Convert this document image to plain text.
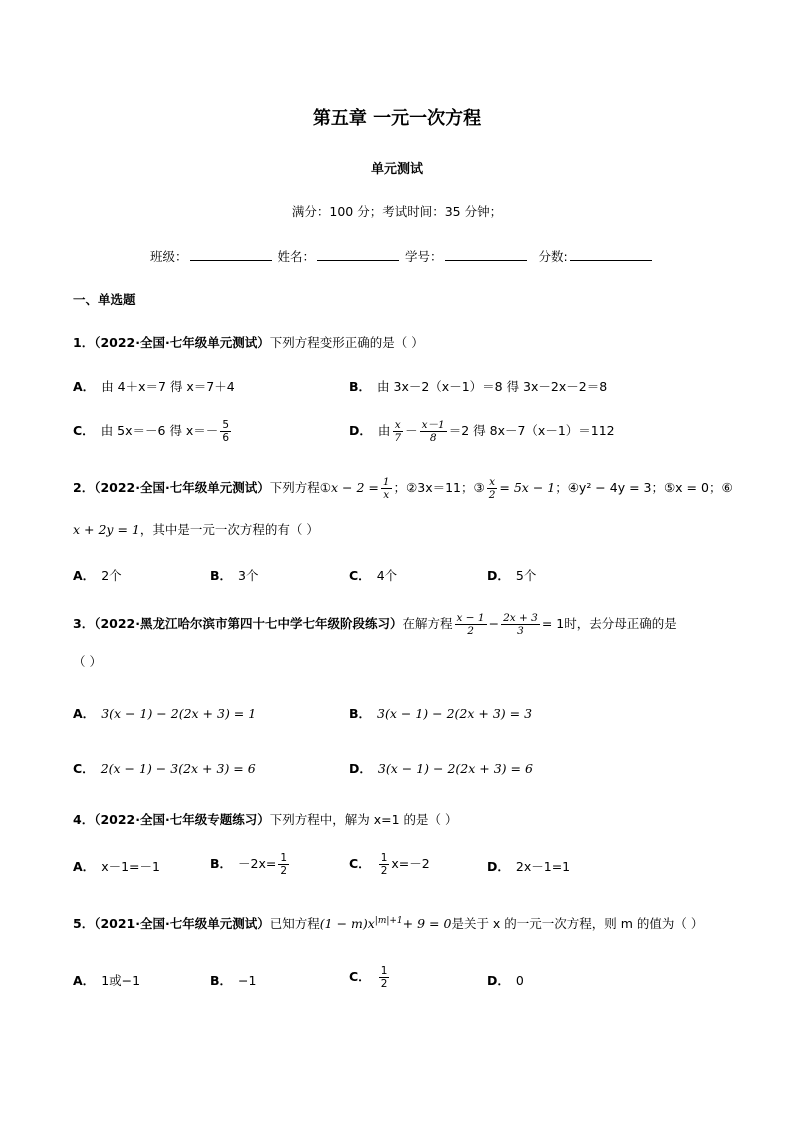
第五章 一元一次方程
单元测试
满分：100 分；考试时间：35 分钟；
班级：	姓名：	学号：	分数:
一、单选题
1．（2022·全国·七年级单元测试）下列方程变形正确的是（ ）
A． 由 4＋x＝7 得 x＝7＋4	B． 由 3x－2（x－1）＝8 得 3x－2x－2＝8
C． 由 5x＝－6 得 $x=- \frac{5}{6}$	D． 由 $\frac{x}{7} - \frac{x-1}{8} =2$ 得 8x－7（x－1）＝112
2．（2022·全国·七年级单元测试）下列方程①x − $2 = \frac{1}{x}$ ；②3x＝11；③ $\frac{x}{2} = 5x - 1$；④y² − 4y = 3；⑤x = 0；⑥
x + 2y = 1，其中是一元一次方程的有（ ）
A． 2个	B． 3个	C． 4个	D． 5个
3．（2022·黑龙江哈尔滨市第四十七中学七年级阶段练习）在解方程 $\frac{x - 1}{2} - \frac{2x + 3}{3} = 1$时，去分母正确的是
（ ）
A． 3(x − 1) − 2(2x + 3) = 1	B． 3(x − 1) − 2(2x + 3) = 3
C． 2(x − 1) − 3(2x + 3) = 6	D． 3(x − 1) − 2(2x + 3) = 6
4．（2022·全国·七年级专题练习）下列方程中，解为 x=1 的是（ ）
A． x－1=－1	B． $-2x= \frac{1}{2}$	C． $\frac{1}{2} x=-2$	D． 2x－1=1
5．（2021·全国·七年级单元测试）已知方程$(1 - m)x^{|m|+1}+ 9 = 0$是关于 x 的一元一次方程，则 m 的值为（ ）
A． 1或−1	B． −1	C． $\frac{1}{2}$	D． 0
